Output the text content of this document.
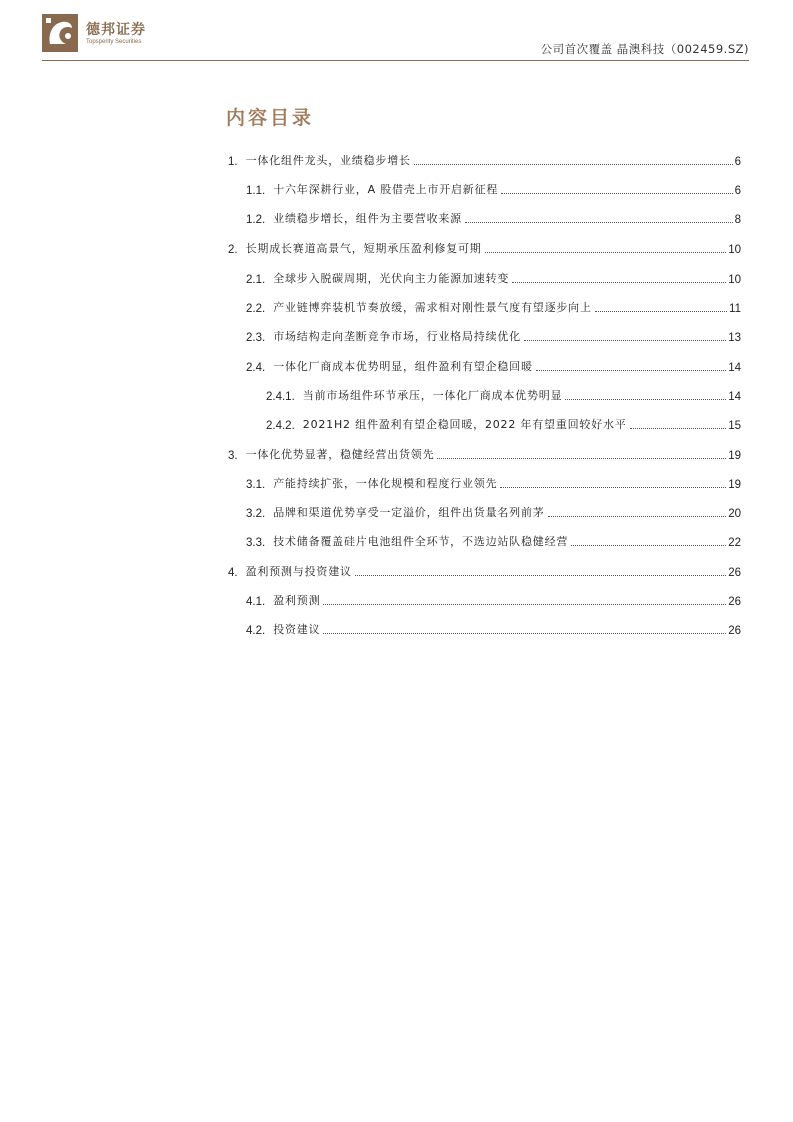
德邦证券
Topsperity Securities	公司首次覆盖 晶澳科技（002459.SZ)
内容目录
1. 一体化组件龙头，业绩稳步增长	6
1.1. 十六年深耕行业，A 股借壳上市开启新征程	6
1.2. 业绩稳步增长，组件为主要营收来源	8
2. 长期成长赛道高景气，短期承压盈利修复可期	10
2.1. 全球步入脱碳周期，光伏向主力能源加速转变	10
2.2. 产业链博弈装机节奏放缓，需求相对刚性景气度有望逐步向上	11
2.3. 市场结构走向垄断竞争市场，行业格局持续优化	13
2.4. 一体化厂商成本优势明显，组件盈利有望企稳回暖	14
2.4.1. 当前市场组件环节承压，一体化厂商成本优势明显	14
2.4.2. 2021H2 组件盈利有望企稳回暖，2022 年有望重回较好水平	15
3. 一体化优势显著，稳健经营出货领先	19
3.1. 产能持续扩张，一体化规模和程度行业领先	19
3.2. 品牌和渠道优势享受一定溢价，组件出货量名列前茅	20
3.3. 技术储备覆盖硅片电池组件全环节，不选边站队稳健经营	22
4. 盈利预测与投资建议	26
4.1. 盈利预测	26
4.2. 投资建议	26
